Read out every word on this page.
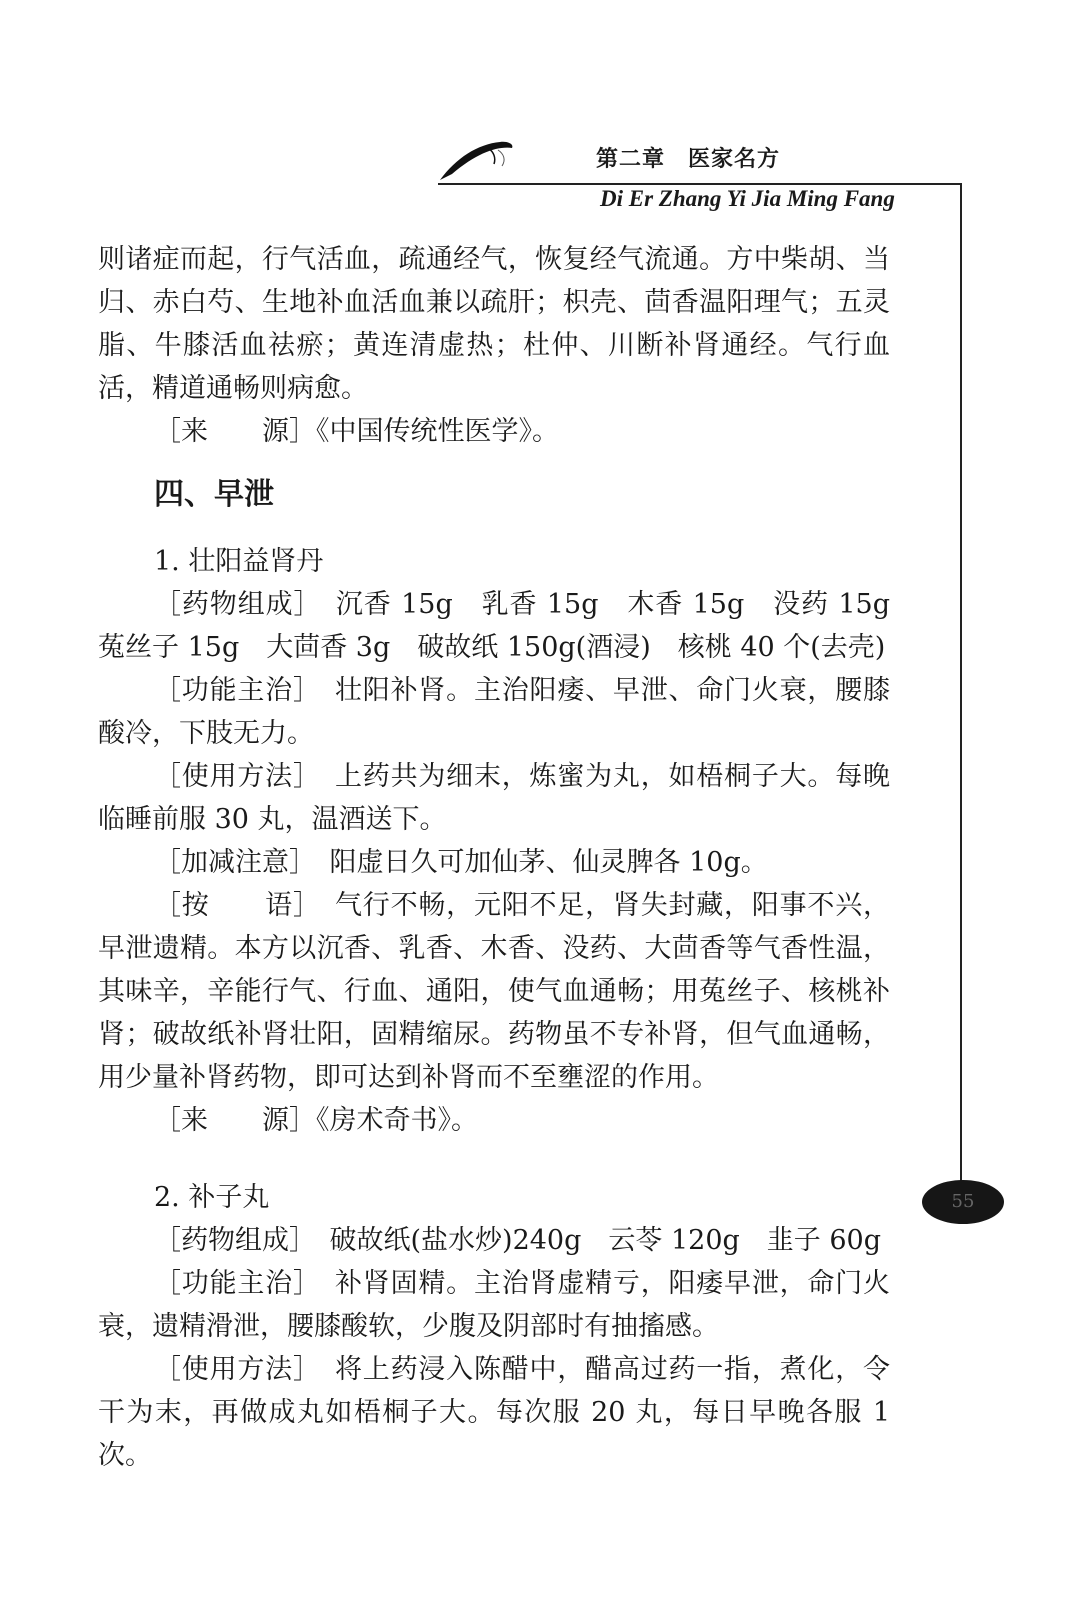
第二章　医家名方
Di Er Zhang Yi Jia Ming Fang
55

则诸症而起，行气活血，疏通经气，恢复经气流通。方中柴胡、当归、赤白芍、生地补血活血兼以疏肝；枳壳、茴香温阳理气；五灵脂、牛膝活血祛瘀；黄连清虚热；杜仲、川断补肾通经。气行血活，精道通畅则病愈。

［来　　源］《中国传统性医学》。

四、早泄

1. 壮阳益肾丹

［药物组成］　沉香 15g　乳香 15g　木香 15g　没药 15g　菟丝子 15g　大茴香 3g　破故纸 150g(酒浸)　核桃 40 个(去壳)

［功能主治］　壮阳补肾。主治阳痿、早泄、命门火衰，腰膝酸冷，下肢无力。

［使用方法］　上药共为细末，炼蜜为丸，如梧桐子大。每晚临睡前服 30 丸，温酒送下。

［加减注意］　阳虚日久可加仙茅、仙灵脾各 10g。

［按　　语］　气行不畅，元阳不足，肾失封藏，阳事不兴，早泄遗精。本方以沉香、乳香、木香、没药、大茴香等气香性温，其味辛，辛能行气、行血、通阳，使气血通畅；用菟丝子、核桃补肾；破故纸补肾壮阳，固精缩尿。药物虽不专补肾，但气血通畅，用少量补肾药物，即可达到补肾而不至壅涩的作用。

［来　　源］《房术奇书》。

2. 补子丸

［药物组成］　破故纸(盐水炒)240g　云苓 120g　韭子 60g

［功能主治］　补肾固精。主治肾虚精亏，阳痿早泄，命门火衰，遗精滑泄，腰膝酸软，少腹及阴部时有抽搐感。

［使用方法］　将上药浸入陈醋中，醋高过药一指，煮化，令干为末，再做成丸如梧桐子大。每次服 20 丸，每日早晚各服 1 次。
